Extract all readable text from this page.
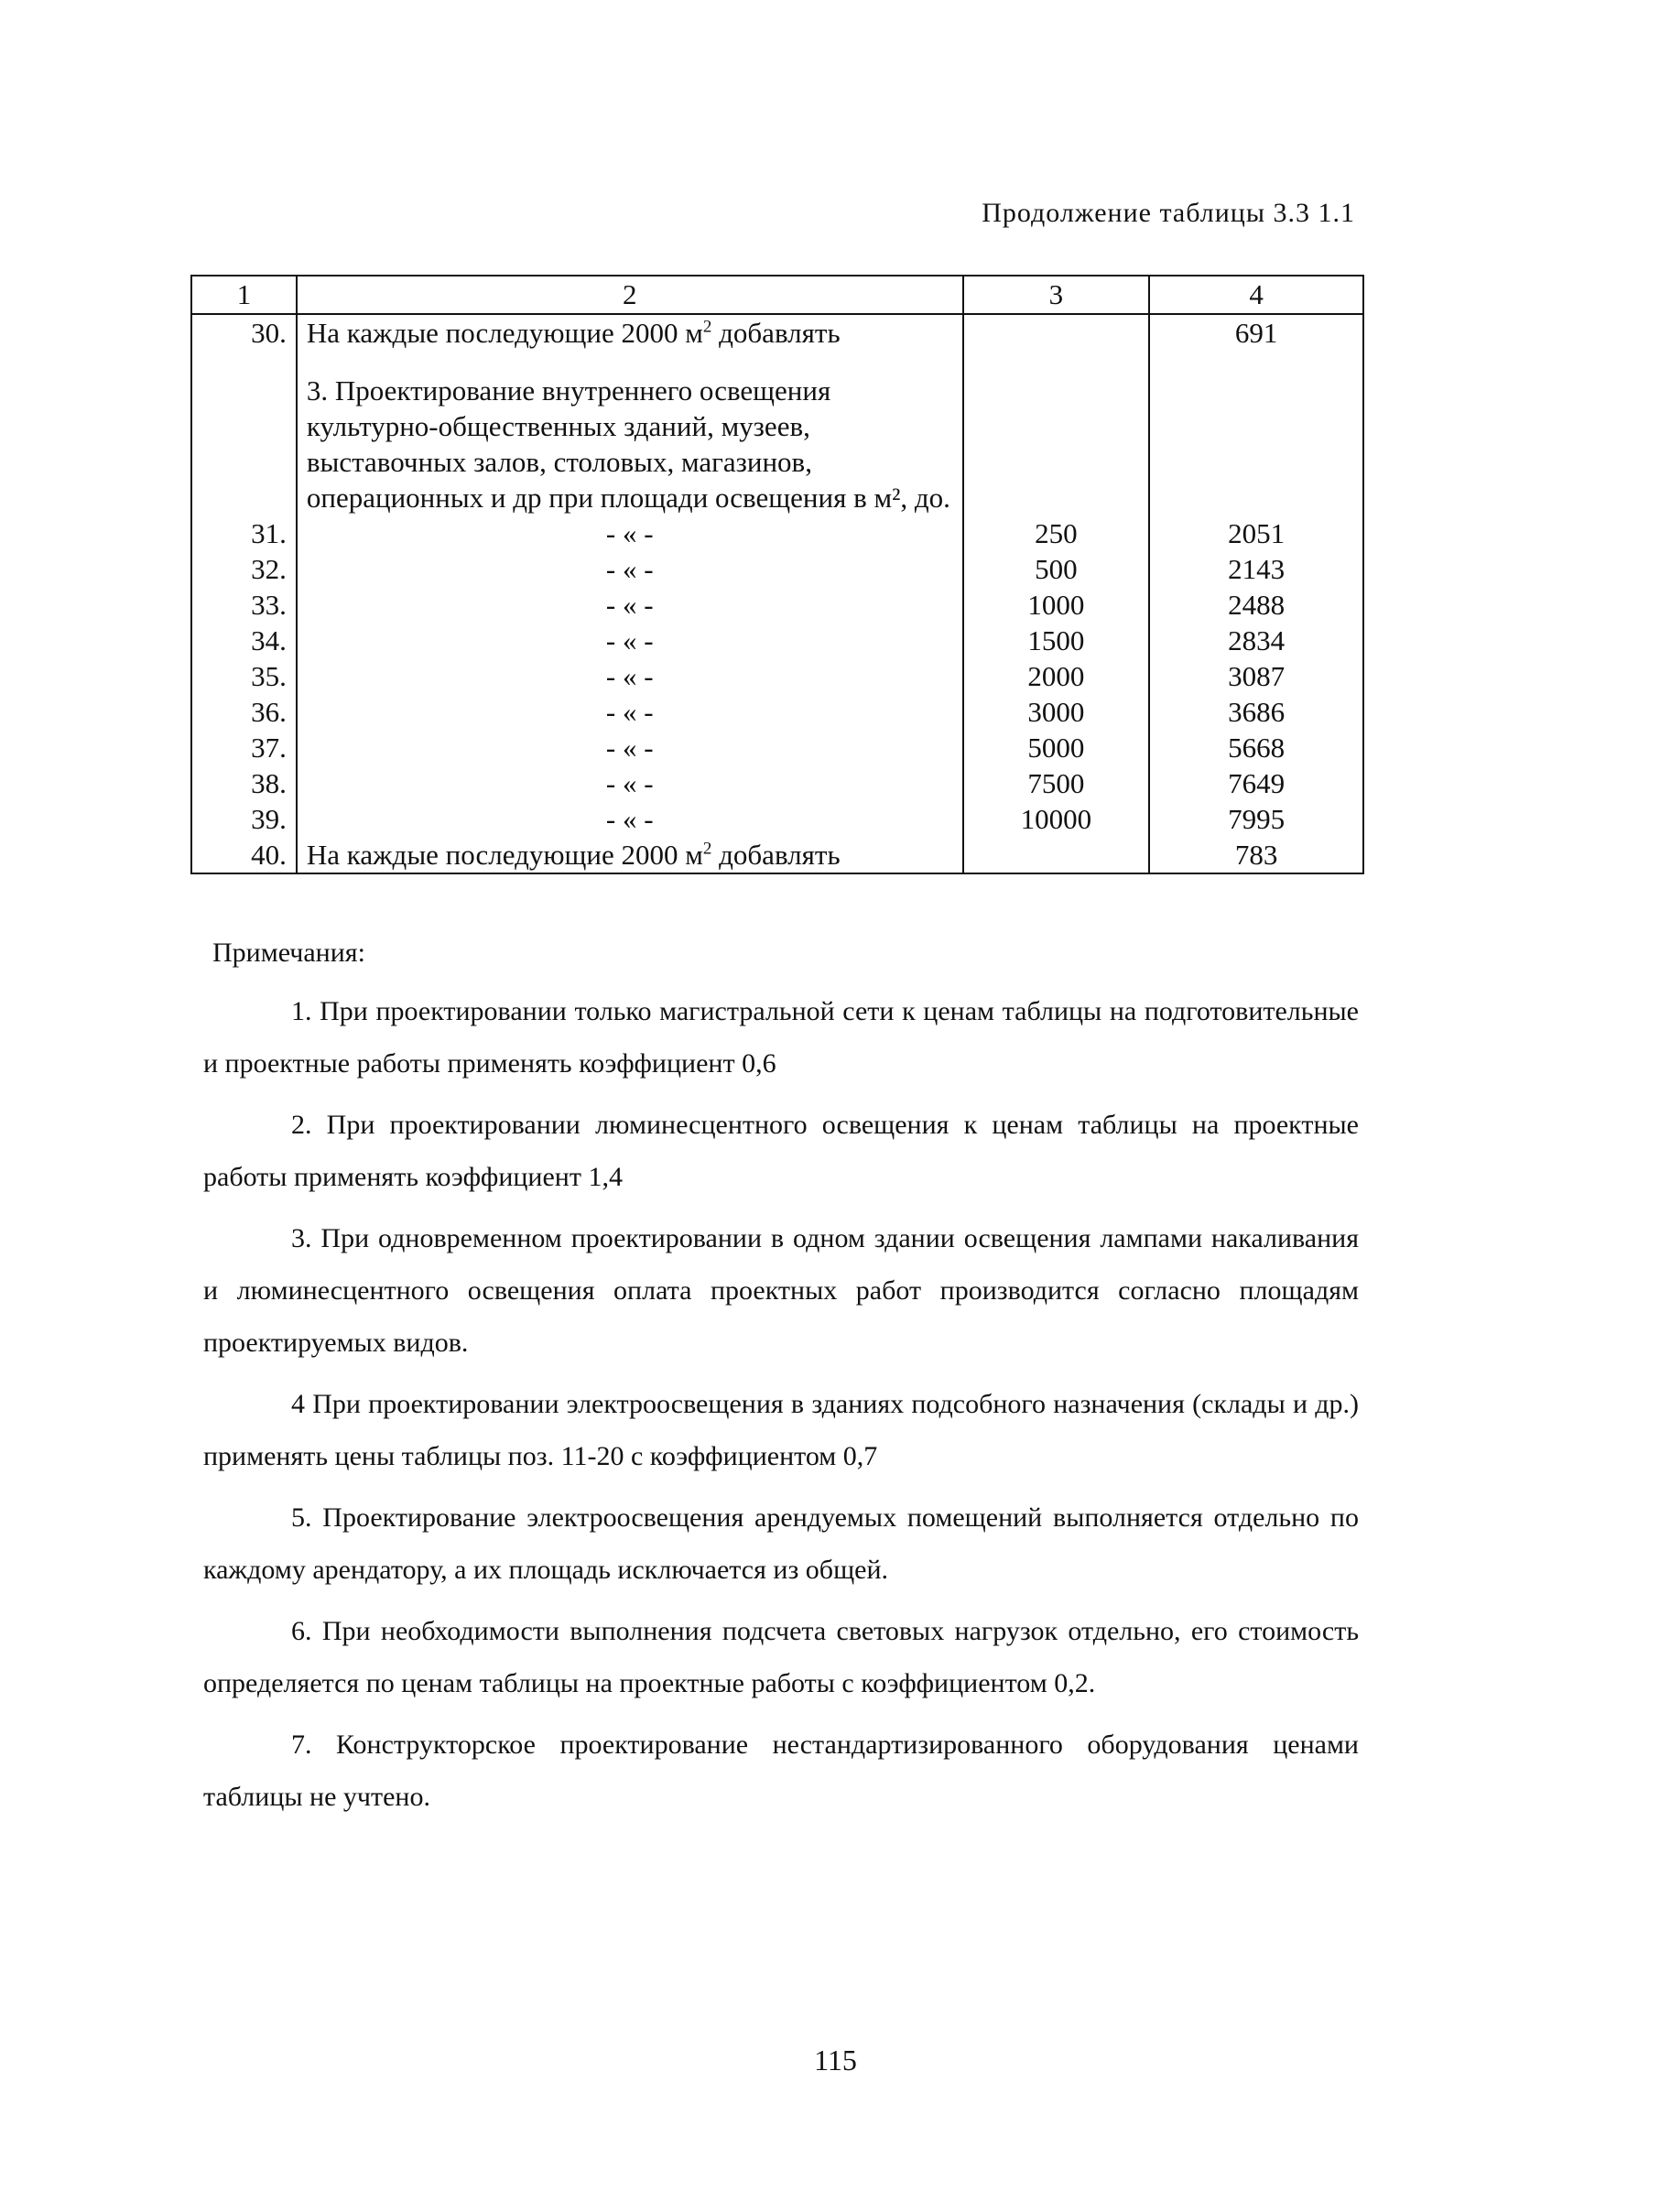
Продолжение таблицы 3.3 1.1
1	2	3	4
30.	На каждые последующие 2000 $м^2$ добавлять		691
	3. Проектирование внутреннего освещения культурно-общественных зданий, музеев, выставочных залов, столовых, магазинов, операционных и др при площади освещения в м², до.		
31.	- « -	250	2051
32.	- « -	500	2143
33.	- « -	1000	2488
34.	- « -	1500	2834
35.	- « -	2000	3087
36.	- « -	3000	3686
37.	- « -	5000	5668
38.	- « -	7500	7649
39.	- « -	10000	7995
40.	На каждые последующие 2000 $м^2$ добавлять		783
Примечания:

1. При проектировании только магистральной сети к ценам таблицы на подготовительные и проектные работы применять коэффициент 0,6

2. При проектировании люминесцентного освещения к ценам таблицы на проектные работы применять коэффициент 1,4

3. При одновременном проектировании в одном здании освещения лампами накаливания и люминесцентного освещения оплата проектных работ производится согласно площадям проектируемых видов.

4 При проектировании электроосвещения в зданиях подсобного назначения (склады и др.) применять цены таблицы поз. 11-20 с коэффициентом 0,7

5. Проектирование электроосвещения арендуемых помещений выполняется отдельно по каждому арендатору, а их площадь исключается из общей.

6. При необходимости выполнения подсчета световых нагрузок отдельно, его стоимость определяется по ценам таблицы на проектные работы с коэффициентом 0,2.

7. Конструкторское проектирование нестандартизированного оборудования ценами таблицы не учтено.

115
